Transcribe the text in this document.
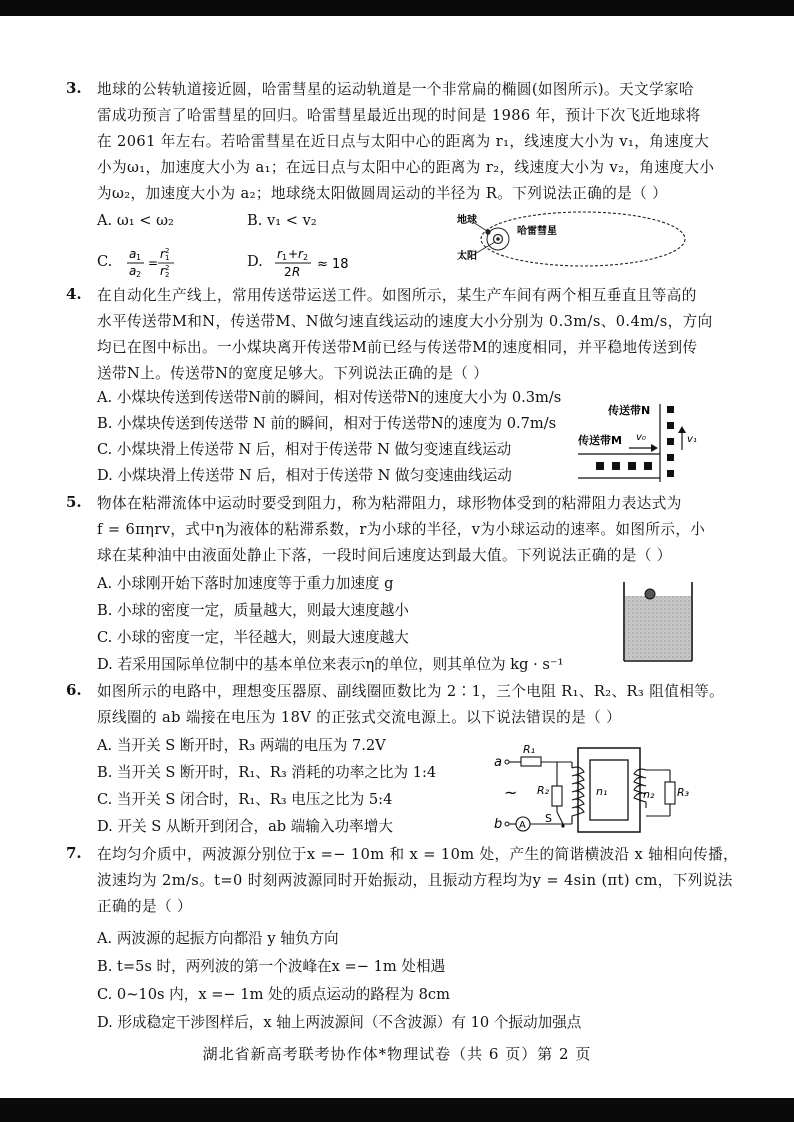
3. 地球的公转轨道接近圆，哈雷彗星的运动轨道是一个非常扁的椭圆(如图所示)。天文学家哈
雷成功预言了哈雷彗星的回归。哈雷彗星最近出现的时间是 1986 年，预计下次飞近地球将
在 2061 年左右。若哈雷彗星在近日点与太阳中心的距离为 r₁，线速度大小为 v₁，角速度大
小为ω₁，加速度大小为 a₁；在远日点与太阳中心的距离为 r₂，线速度大小为 v₂，角速度大小
为ω₂，加速度大小为 a₂；地球绕太阳做圆周运动的半径为 R。下列说法正确的是（ ）
A. ω₁ < ω₂	B. v₁ < v₂
C. a 1
a 2
=
r 2
1
r 2
2
D. r 1 + r 2
2 R ≈ 18
地球
太阳
哈雷彗星
4. 在自动化生产线上，常用传送带运送工件。如图所示，某生产车间有两个相互垂直且等高的
水平传送带M和N，传送带M、N做匀速直线运动的速度大小分别为 0.3m/s、0.4m/s，方向
均已在图中标出。一小煤块离开传送带M前已经与传送带M的速度相同，并平稳地传送到传
送带N上。传送带N的宽度足够大。下列说法正确的是（ ）
A. 小煤块传送到传送带N前的瞬间，相对传送带N的速度大小为 0.3m/s
B. 小煤块传送到传送带 N 前的瞬间，相对于传送带N的速度为 0.7m/s
C. 小煤块滑上传送带 N 后，相对于传送带 N 做匀变速直线运动
D. 小煤块滑上传送带 N 后，相对于传送带 N 做匀变速曲线运动
传送带N
v₁
传送带M v₀
5. 物体在粘滞流体中运动时要受到阻力，称为粘滞阻力，球形物体受到的粘滞阻力表达式为
f = 6πηrv，式中η为液体的粘滞系数，r为小球的半径，v为小球运动的速率。如图所示，小
球在某种油中由液面处静止下落，一段时间后速度达到最大值。下列说法正确的是（ ）
A. 小球刚开始下落时加速度等于重力加速度 g
B. 小球的密度一定，质量越大，则最大速度越小
C. 小球的密度一定，半径越大，则最大速度越大
D. 若采用国际单位制中的基本单位来表示η的单位，则其单位为 kg · s⁻¹
6. 如图所示的电路中，理想变压器原、副线圈匝数比为 2∶1，三个电阻 R₁、R₂、R₃ 阻值相等。
原线圈的 ab 端接在电压为 18V 的正弦式交流电源上。以下说法错误的是（ ）
A. 当开关 S 断开时，R₃ 两端的电压为 7.2V
B. 当开关 S 断开时，R₁、R₃ 消耗的功率之比为 1:4
C. 当开关 S 闭合时，R₁、R₃ 电压之比为 5:4
D. 开关 S 从断开到闭合，ab 端输入功率增大
a
R₁
R₂
S
~
b A
n₁	n₂ R₃
7. 在均匀介质中，两波源分别位于x =− 10m 和 x = 10m 处，产生的简谐横波沿 x 轴相向传播，
波速均为 2m/s。t=0 时刻两波源同时开始振动，且振动方程均为y = 4sin (πt) cm，下列说法
正确的是（ ）
A. 两波源的起振方向都沿 y 轴负方向
B. t=5s 时，两列波的第一个波峰在x =− 1m 处相遇
C. 0~10s 内，x =− 1m 处的质点运动的路程为 8cm
D. 形成稳定干涉图样后，x 轴上两波源间（不含波源）有 10 个振动加强点
湖北省新高考联考协作体*物理试卷（共 6 页）第 2 页
